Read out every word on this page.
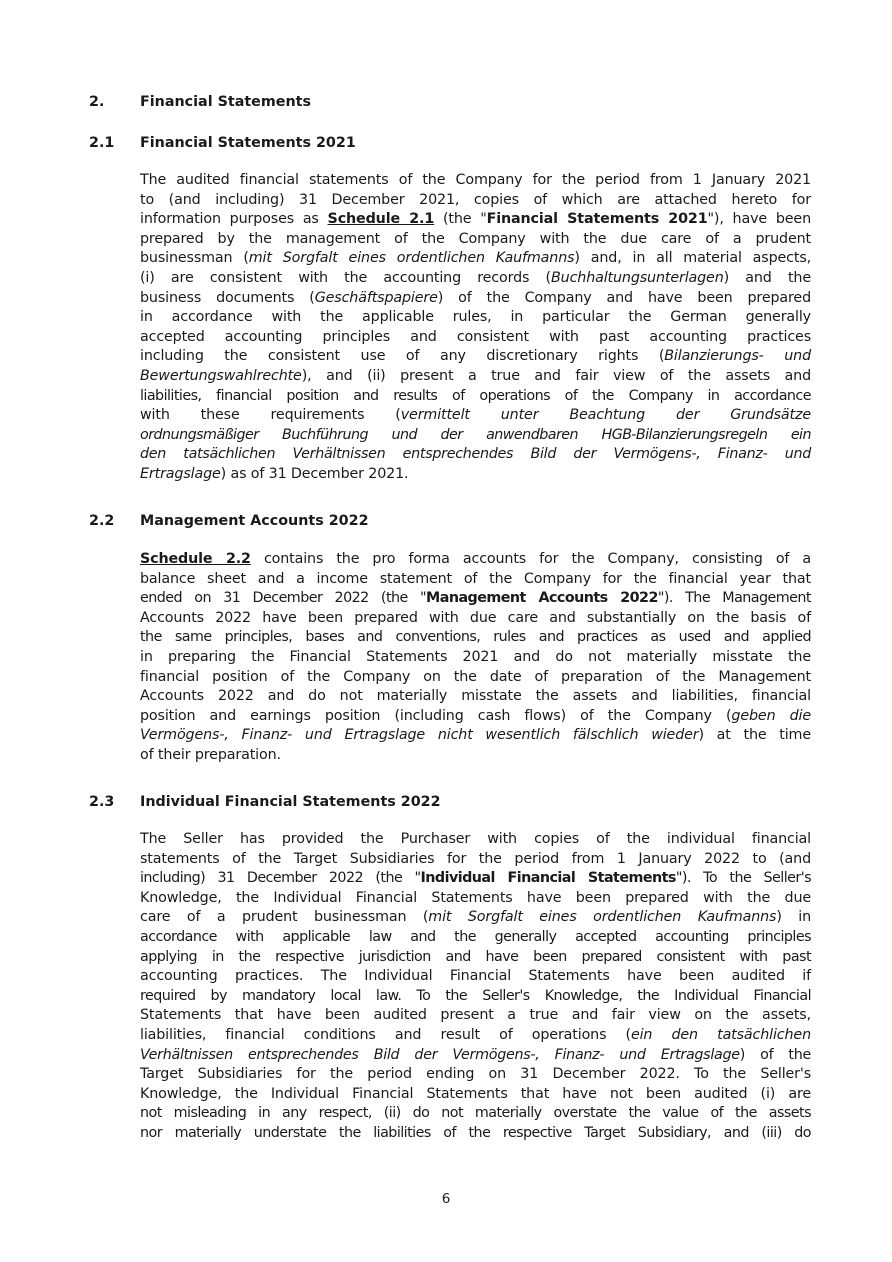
2. Financial Statements
2.1 Financial Statements 2021
The audited financial statements of the Company for the period from 1 January 2021
to (and including) 31 December 2021, copies of which are attached hereto for
information purposes as Schedule 2.1 (the "Financial Statements 2021"), have been
prepared by the management of the Company with the due care of a prudent
businessman (mit Sorgfalt eines ordentlichen Kaufmanns) and, in all material aspects,
(i) are consistent with the accounting records (Buchhaltungsunterlagen) and the
business documents (Geschäftspapiere) of the Company and have been prepared
in accordance with the applicable rules, in particular the German generally
accepted accounting principles and consistent with past accounting practices
including the consistent use of any discretionary rights (Bilanzierungs- und
Bewertungswahlrechte), and (ii) present a true and fair view of the assets and
liabilities, financial position and results of operations of the Company in accordance
with these requirements (vermittelt unter Beachtung der Grundsätze
ordnungsmäßiger Buchführung und der anwendbaren HGB-Bilanzierungsregeln ein
den tatsächlichen Verhältnissen entsprechendes Bild der Vermögens-, Finanz- und
Ertragslage) as of 31 December 2021.
2.2 Management Accounts 2022
Schedule 2.2 contains the pro forma accounts for the Company, consisting of a
balance sheet and a income statement of the Company for the financial year that
ended on 31 December 2022 (the "Management Accounts 2022"). The Management
Accounts 2022 have been prepared with due care and substantially on the basis of
the same principles, bases and conventions, rules and practices as used and applied
in preparing the Financial Statements 2021 and do not materially misstate the
financial position of the Company on the date of preparation of the Management
Accounts 2022 and do not materially misstate the assets and liabilities, financial
position and earnings position (including cash flows) of the Company (geben die
Vermögens-, Finanz- und Ertragslage nicht wesentlich fälschlich wieder) at the time
of their preparation.
2.3 Individual Financial Statements 2022
The Seller has provided the Purchaser with copies of the individual financial
statements of the Target Subsidiaries for the period from 1 January 2022 to (and
including) 31 December 2022 (the "Individual Financial Statements"). To the Seller's
Knowledge, the Individual Financial Statements have been prepared with the due
care of a prudent businessman (mit Sorgfalt eines ordentlichen Kaufmanns) in
accordance with applicable law and the generally accepted accounting principles
applying in the respective jurisdiction and have been prepared consistent with past
accounting practices. The Individual Financial Statements have been audited if
required by mandatory local law. To the Seller's Knowledge, the Individual Financial
Statements that have been audited present a true and fair view on the assets,
liabilities, financial conditions and result of operations (ein den tatsächlichen
Verhältnissen entsprechendes Bild der Vermögens-, Finanz- und Ertragslage) of the
Target Subsidiaries for the period ending on 31 December 2022. To the Seller's
Knowledge, the Individual Financial Statements that have not been audited (i) are
not misleading in any respect, (ii) do not materially overstate the value of the assets
nor materially understate the liabilities of the respective Target Subsidiary, and (iii) do
6
